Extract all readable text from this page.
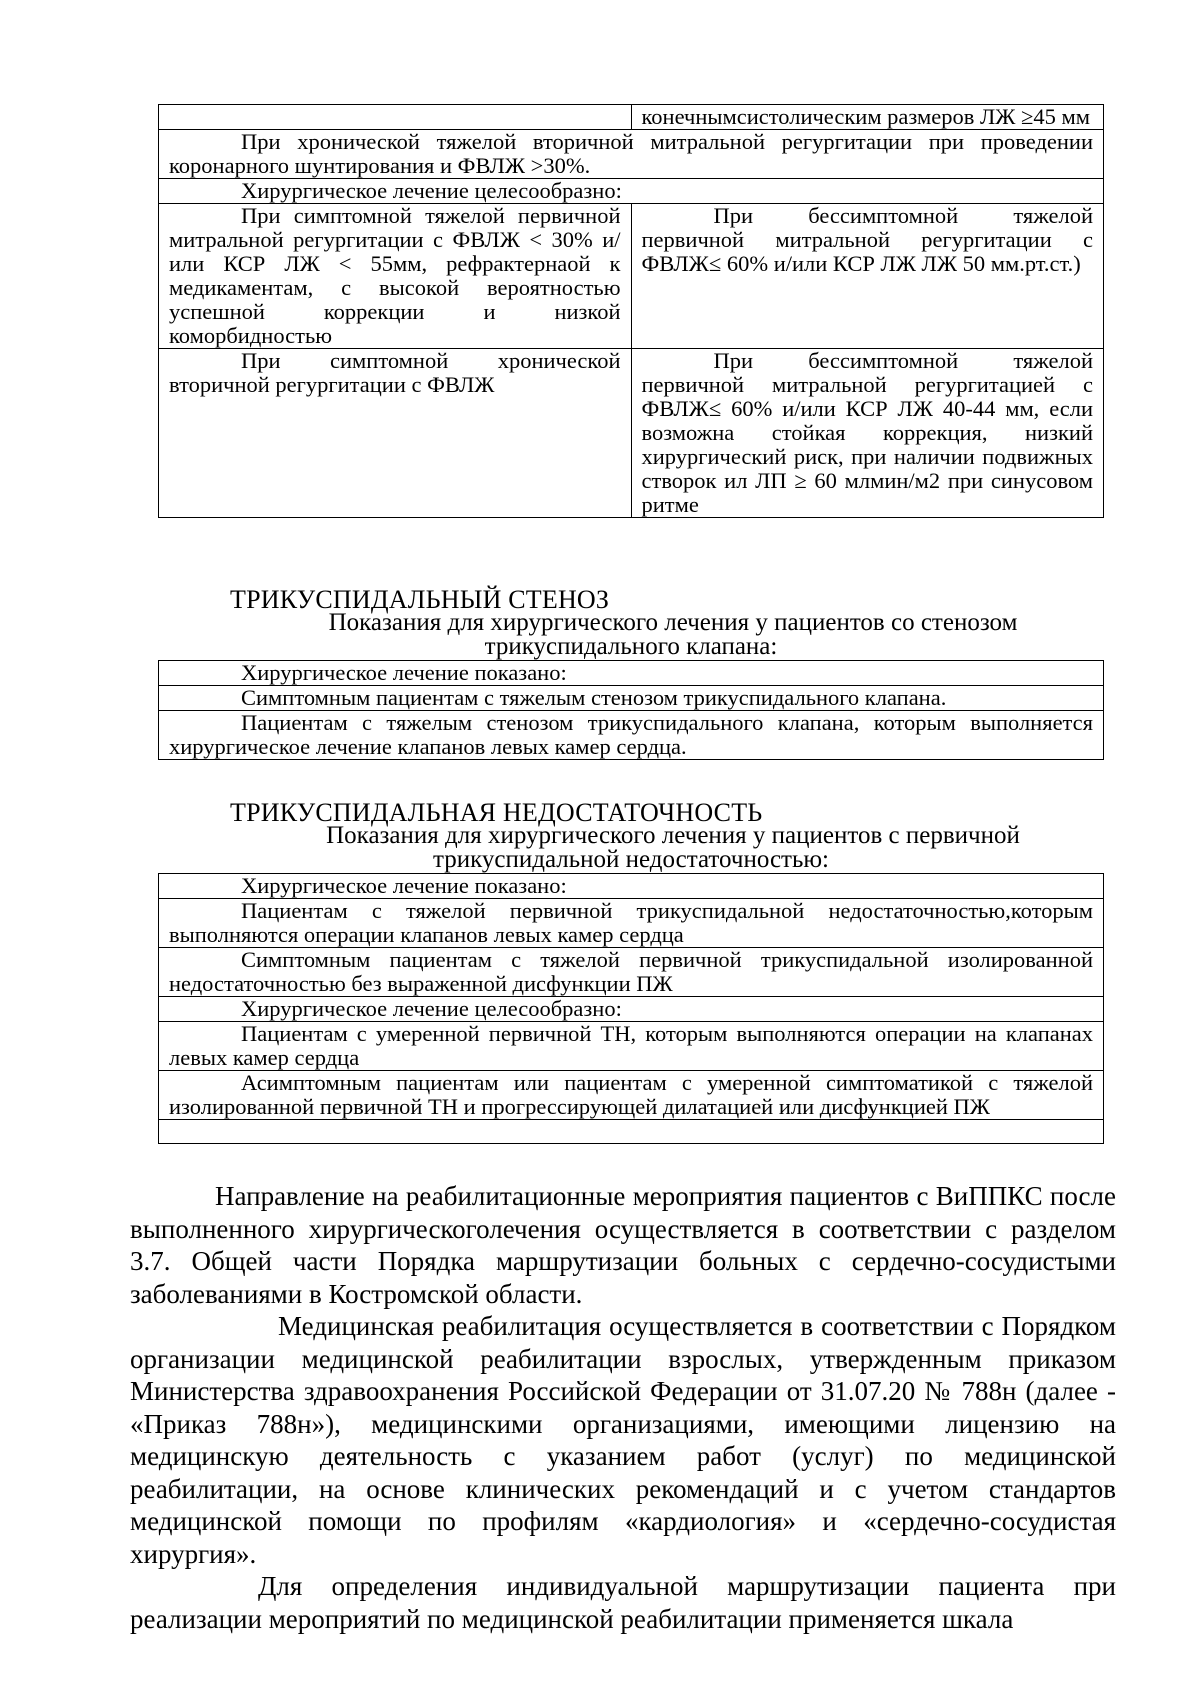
	конечнымсистолическим размеров ЛЖ ≥45 мм
При хронической тяжелой вторичной митральной регургитации при проведении коронарного шунтирования и ФВЛЖ >30%.	
Хирургическое лечение целесообразно:	
При симптомной тяжелой первичной митральной регургитации с ФВЛЖ < 30% и/или КСР ЛЖ < 55мм, рефрактернаой к медикаментам, с высокой вероятностью успешной коррекции и низкой коморбидностью	При бессимптомной тяжелой первичной митральной регургитации с ФВЛЖ≤ 60% и/или КСР ЛЖ ЛЖ 50 мм.рт.ст.)
При симптомной хронической вторичной регургитации с ФВЛЖ	При бессимптомной тяжелой первичной митральной регургитацией с ФВЛЖ≤ 60% и/или КСР ЛЖ 40-44 мм, если возможна стойкая коррекция, низкий хирургический риск, при наличии подвижных створок ил ЛП ≥ 60 млмин/м2 при синусовом ритме
ТРИКУСПИДАЛЬНЫЙ СТЕНОЗ
Показания для хирургического лечения у пациентов со стенозом
трикуспидального клапана:
Хирургическое лечение показано:
Симптомным пациентам с тяжелым стенозом трикуспидального клапана.
Пациентам с тяжелым стенозом трикуспидального клапана, которым выполняется хирургическое лечение клапанов левых камер сердца.
ТРИКУСПИДАЛЬНАЯ НЕДОСТАТОЧНОСТЬ
Показания для хирургического лечения у пациентов с первичной
трикуспидальной недостаточностью:
Хирургическое лечение показано:
Пациентам с тяжелой первичной трикуспидальной недостаточностью,которым выполняются операции клапанов левых камер сердца
Симптомным пациентам с тяжелой первичной трикуспидальной изолированной недостаточностью без выраженной дисфункции ПЖ
Хирургическое лечение целесообразно:
Пациентам с умеренной первичной ТН, которым выполняются операции на клапанах левых камер сердца
Асимптомным пациентам или пациентам с умеренной симптоматикой с тяжелой изолированной первичной ТН и прогрессирующей дилатацией или дисфункцией ПЖ

Направление на реабилитационные мероприятия пациентов с ВиППКС после выполненного хирургическоголечения осуществляется в соответствии с разделом 3.7. Общей части Порядка маршрутизации больных с сердечно-сосудистыми заболеваниями в Костромской области.

Медицинская реабилитация осуществляется в соответствии с Порядком организации медицинской реабилитации взрослых, утвержденным приказом Министерства здравоохранения Российской Федерации от 31.07.20 № 788н (далее - «Приказ 788н»), медицинскими организациями, имеющими лицензию на медицинскую деятельность с указанием работ (услуг) по медицинской реабилитации, на основе клинических рекомендаций и с учетом стандартов медицинской помощи по профилям «кардиология» и «сердечно-сосудистая хирургия».

Для определения индивидуальной маршрутизации пациента при реализации мероприятий по медицинской реабилитации применяется шкала
